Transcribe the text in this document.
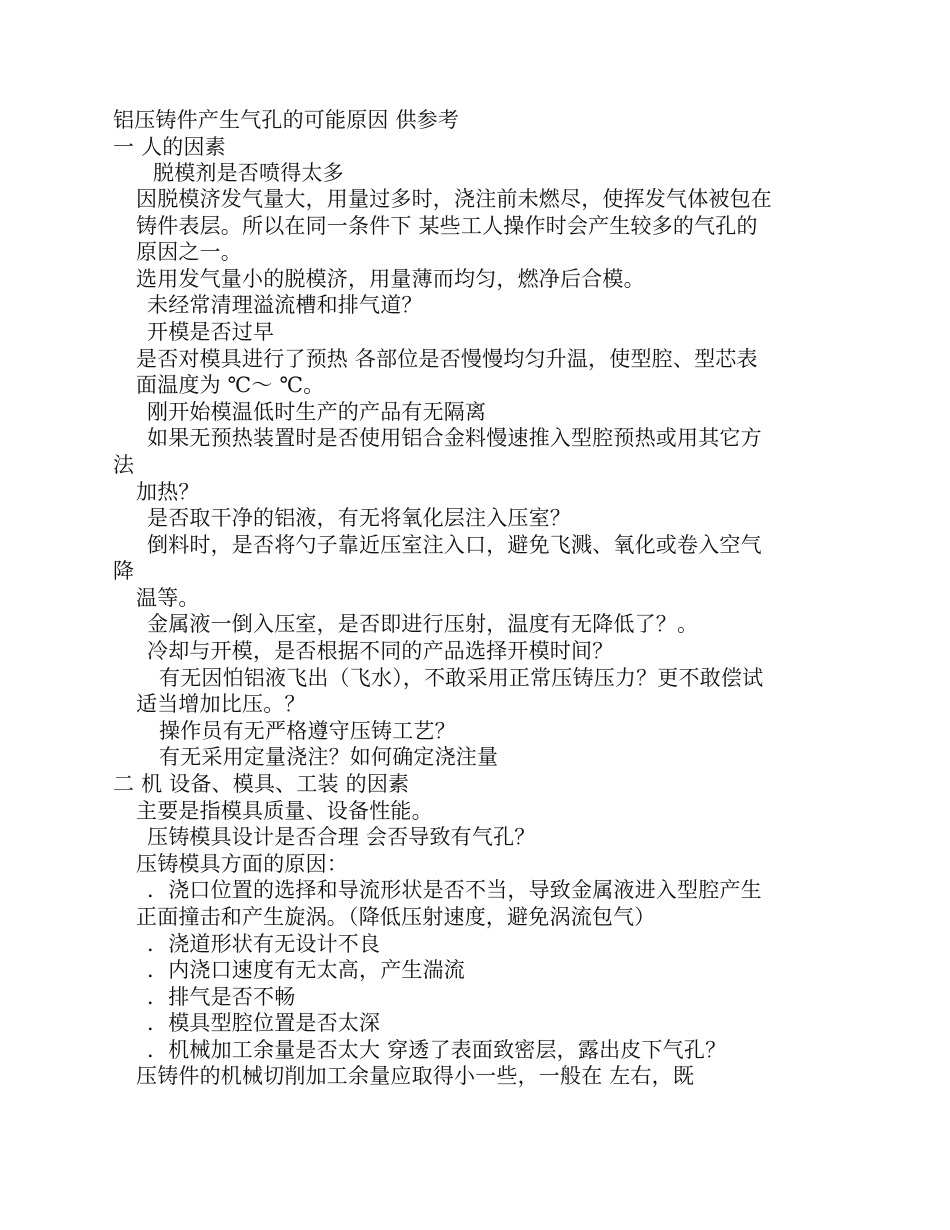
铝压铸件产生气孔的可能原因 供参考
一 人的因素
脱模剂是否喷得太多
因脱模济发气量大，用量过多时，浇注前未燃尽，使挥发气体被包在
铸件表层。所以在同一条件下 某些工人操作时会产生较多的气孔的
原因之一。
选用发气量小的脱模济，用量薄而均匀，燃净后合模。
未经常清理溢流槽和排气道？
开模是否过早
是否对模具进行了预热 各部位是否慢慢均匀升温，使型腔、型芯表
面温度为 ℃～ ℃。
刚开始模温低时生产的产品有无隔离
如果无预热装置时是否使用铝合金料慢速推入型腔预热或用其它方
法
加热？
是否取干净的铝液，有无将氧化层注入压室？
倒料时，是否将勺子靠近压室注入口，避免飞溅、氧化或卷入空气
降
温等。
金属液一倒入压室，是否即进行压射，温度有无降低了？。
冷却与开模，是否根据不同的产品选择开模时间？
有无因怕铝液飞出（飞水），不敢采用正常压铸压力？更不敢偿试
适当增加比压。？
操作员有无严格遵守压铸工艺？
有无采用定量浇注？如何确定浇注量
二 机 设备、模具、工装 的因素
主要是指模具质量、设备性能。
压铸模具设计是否合理 会否导致有气孔？
压铸模具方面的原因：
．浇口位置的选择和导流形状是否不当，导致金属液进入型腔产生
正面撞击和产生旋涡。（降低压射速度，避免涡流包气）
．浇道形状有无设计不良
．内浇口速度有无太高，产生湍流
．排气是否不畅
．模具型腔位置是否太深
．机械加工余量是否太大 穿透了表面致密层，露出皮下气孔？
压铸件的机械切削加工余量应取得小一些，一般在 左右，既
